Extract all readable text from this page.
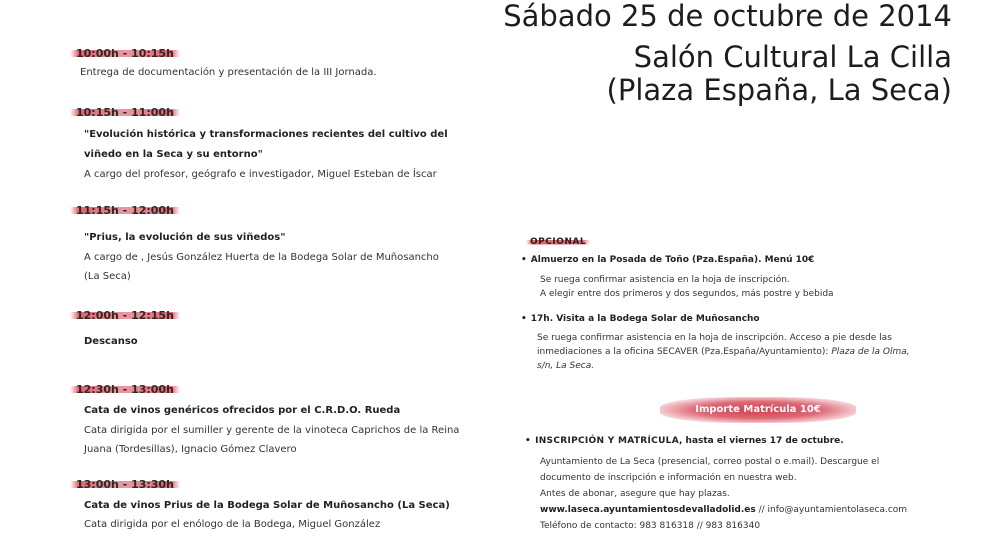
Sábado 25 de octubre de 2014
Salón Cultural La Cilla
(Plaza España, La Seca)
10:00h - 10:15h
Entrega de documentación y presentación de la III Jornada.
10:15h - 11:00h
"Evolución histórica y transformaciones recientes del cultivo del
viñedo en la Seca y su entorno"
A cargo del profesor, geógrafo e investigador, Miguel Esteban de Íscar
11:15h - 12:00h
"Prius, la evolución de sus viñedos"
A cargo de , Jesús González Huerta de la Bodega Solar de Muñosancho
(La Seca)
12:00h - 12:15h
Descanso
12:30h - 13:00h
Cata de vinos genéricos ofrecidos por el C.R.D.O. Rueda
Cata dirigida por el sumiller y gerente de la vinoteca Caprichos de la Reina
Juana (Tordesillas), Ignacio Gómez Clavero
13:00h - 13:30h
Cata de vinos Prius de la Bodega Solar de Muñosancho (La Seca)
Cata dirigida por el enólogo de la Bodega, Miguel González
OPCIONAL
• Almuerzo en la Posada de Toño (Pza.España). Menú 10€
Se ruega confirmar asistencia en la hoja de inscripción.
A elegir entre dos primeros y dos segundos, más postre y bebida
• 17h. Visita a la Bodega Solar de Muñosancho
Se ruega confirmar asistencia en la hoja de inscripción. Acceso a pie desde las
inmediaciones a la oficina SECAVER (Pza.España/Ayuntamiento): Plaza de la Olma,
s/n, La Seca.
Importe Matrícula 10€
• INSCRIPCIÓN Y MATRÍCULA, hasta el viernes 17 de octubre.
Ayuntamiento de La Seca (presencial, correo postal o e.mail). Descargue el
documento de inscripción e información en nuestra web.
Antes de abonar, asegure que hay plazas.
www.laseca.ayuntamientosdevalladolid.es // info@ayuntamientolaseca.com
Teléfono de contacto: 983 816318 // 983 816340
